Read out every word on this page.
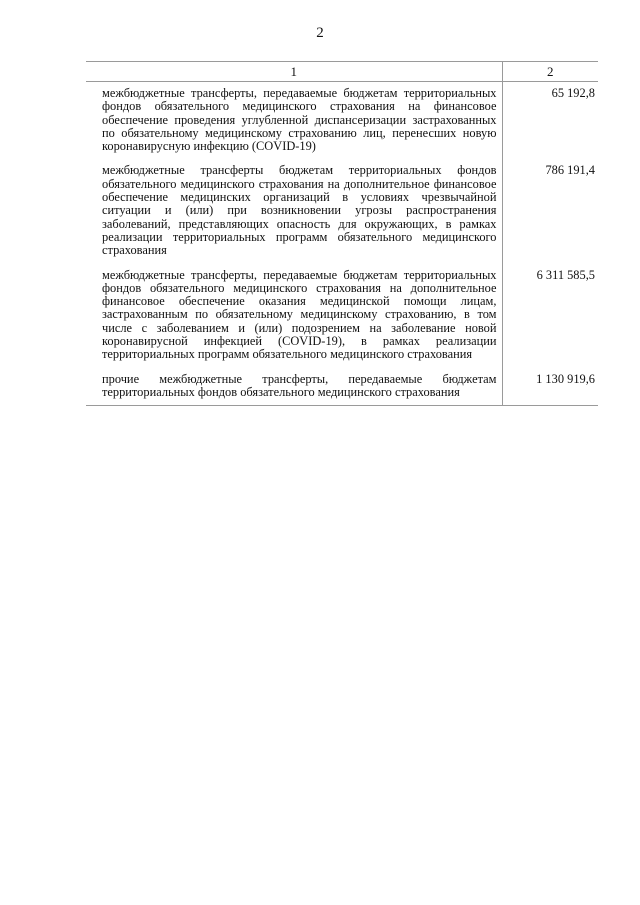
2
1	2
межбюджетные трансферты, передаваемые бюджетам территориальных фондов обязательного медицинского страхования на финансовое обеспечение проведения углубленной диспансеризации застрахованных по обязательному медицинскому страхованию лиц, перенесших новую коронавирусную инфекцию (COVID-19)	65 192,8
межбюджетные трансферты бюджетам территориальных фондов обязательного медицинского страхования на дополнительное финансовое обеспечение медицинских организаций в условиях чрезвычайной ситуации и (или) при возникновении угрозы распространения заболеваний, представляющих опасность для окружающих, в рамках реализации территориальных программ обязательного медицинского страхования	786 191,4
межбюджетные трансферты, передаваемые бюджетам территориальных фондов обязательного медицинского страхования на дополнительное финансовое обеспечение оказания медицинской помощи лицам, застрахованным по обязательному медицинскому страхованию, в том числе с заболеванием и (или) подозрением на заболевание новой коронавирусной инфекцией (COVID-19), в рамках реализации территориальных программ обязательного медицинского страхования	6 311 585,5
прочие межбюджетные трансферты, передаваемые бюджетам территориальных фондов обязательного медицинского страхования	1 130 919,6
